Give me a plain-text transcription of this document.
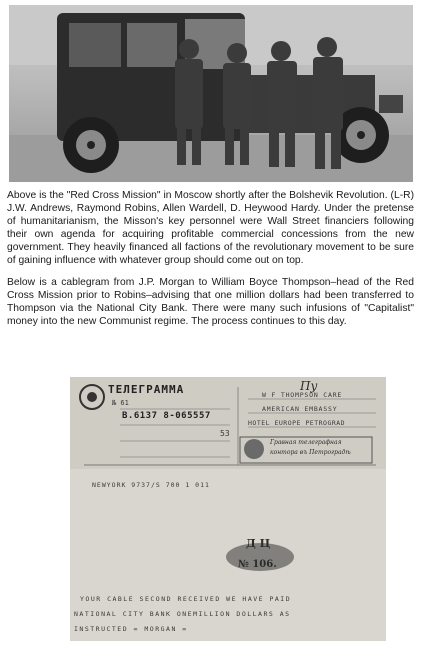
Above is the "Red Cross Mission" in Moscow shortly after the Bolshevik Revolution. (L-R) J.W. Andrews, Raymond Robins, Allen Wardell, D. Heywood Hardy. Under the pretense of humanitarianism, the Misson's key personnel were Wall Street financiers following their own agenda for acquiring profitable commercial concessions from the new government. They heavily financed all factions of the revolutionary movement to be sure of gaining influence with whatever group should come out on top.

Below is a cablegram from J.P. Morgan to William Boyce Thompson–head of the Red Cross Mission prior to Robins–advising that one million dollars had been transferred to Thompson via the National City Bank. There were many such infusions of "Capitalist" money into the new Communist regime. The process continues to this day.

ТЕЛЕГРАММА	Пу
№ 61
B.6137 8-065557
53
W F THOMPSON CARE
AMERICAN EMBASSY
HOTEL EUROPE PETROGRAD
Гравная телеграфная
контора въ Петроградѣ
NEWYORK 9737/S 700 1 011
Д Ц
№ 106.
YOUR CABLE SECOND RECEIVED WE HAVE PAID
NATIONAL CITY BANK ONEMILLION DOLLARS AS
INSTRUCTED = MORGAN =
